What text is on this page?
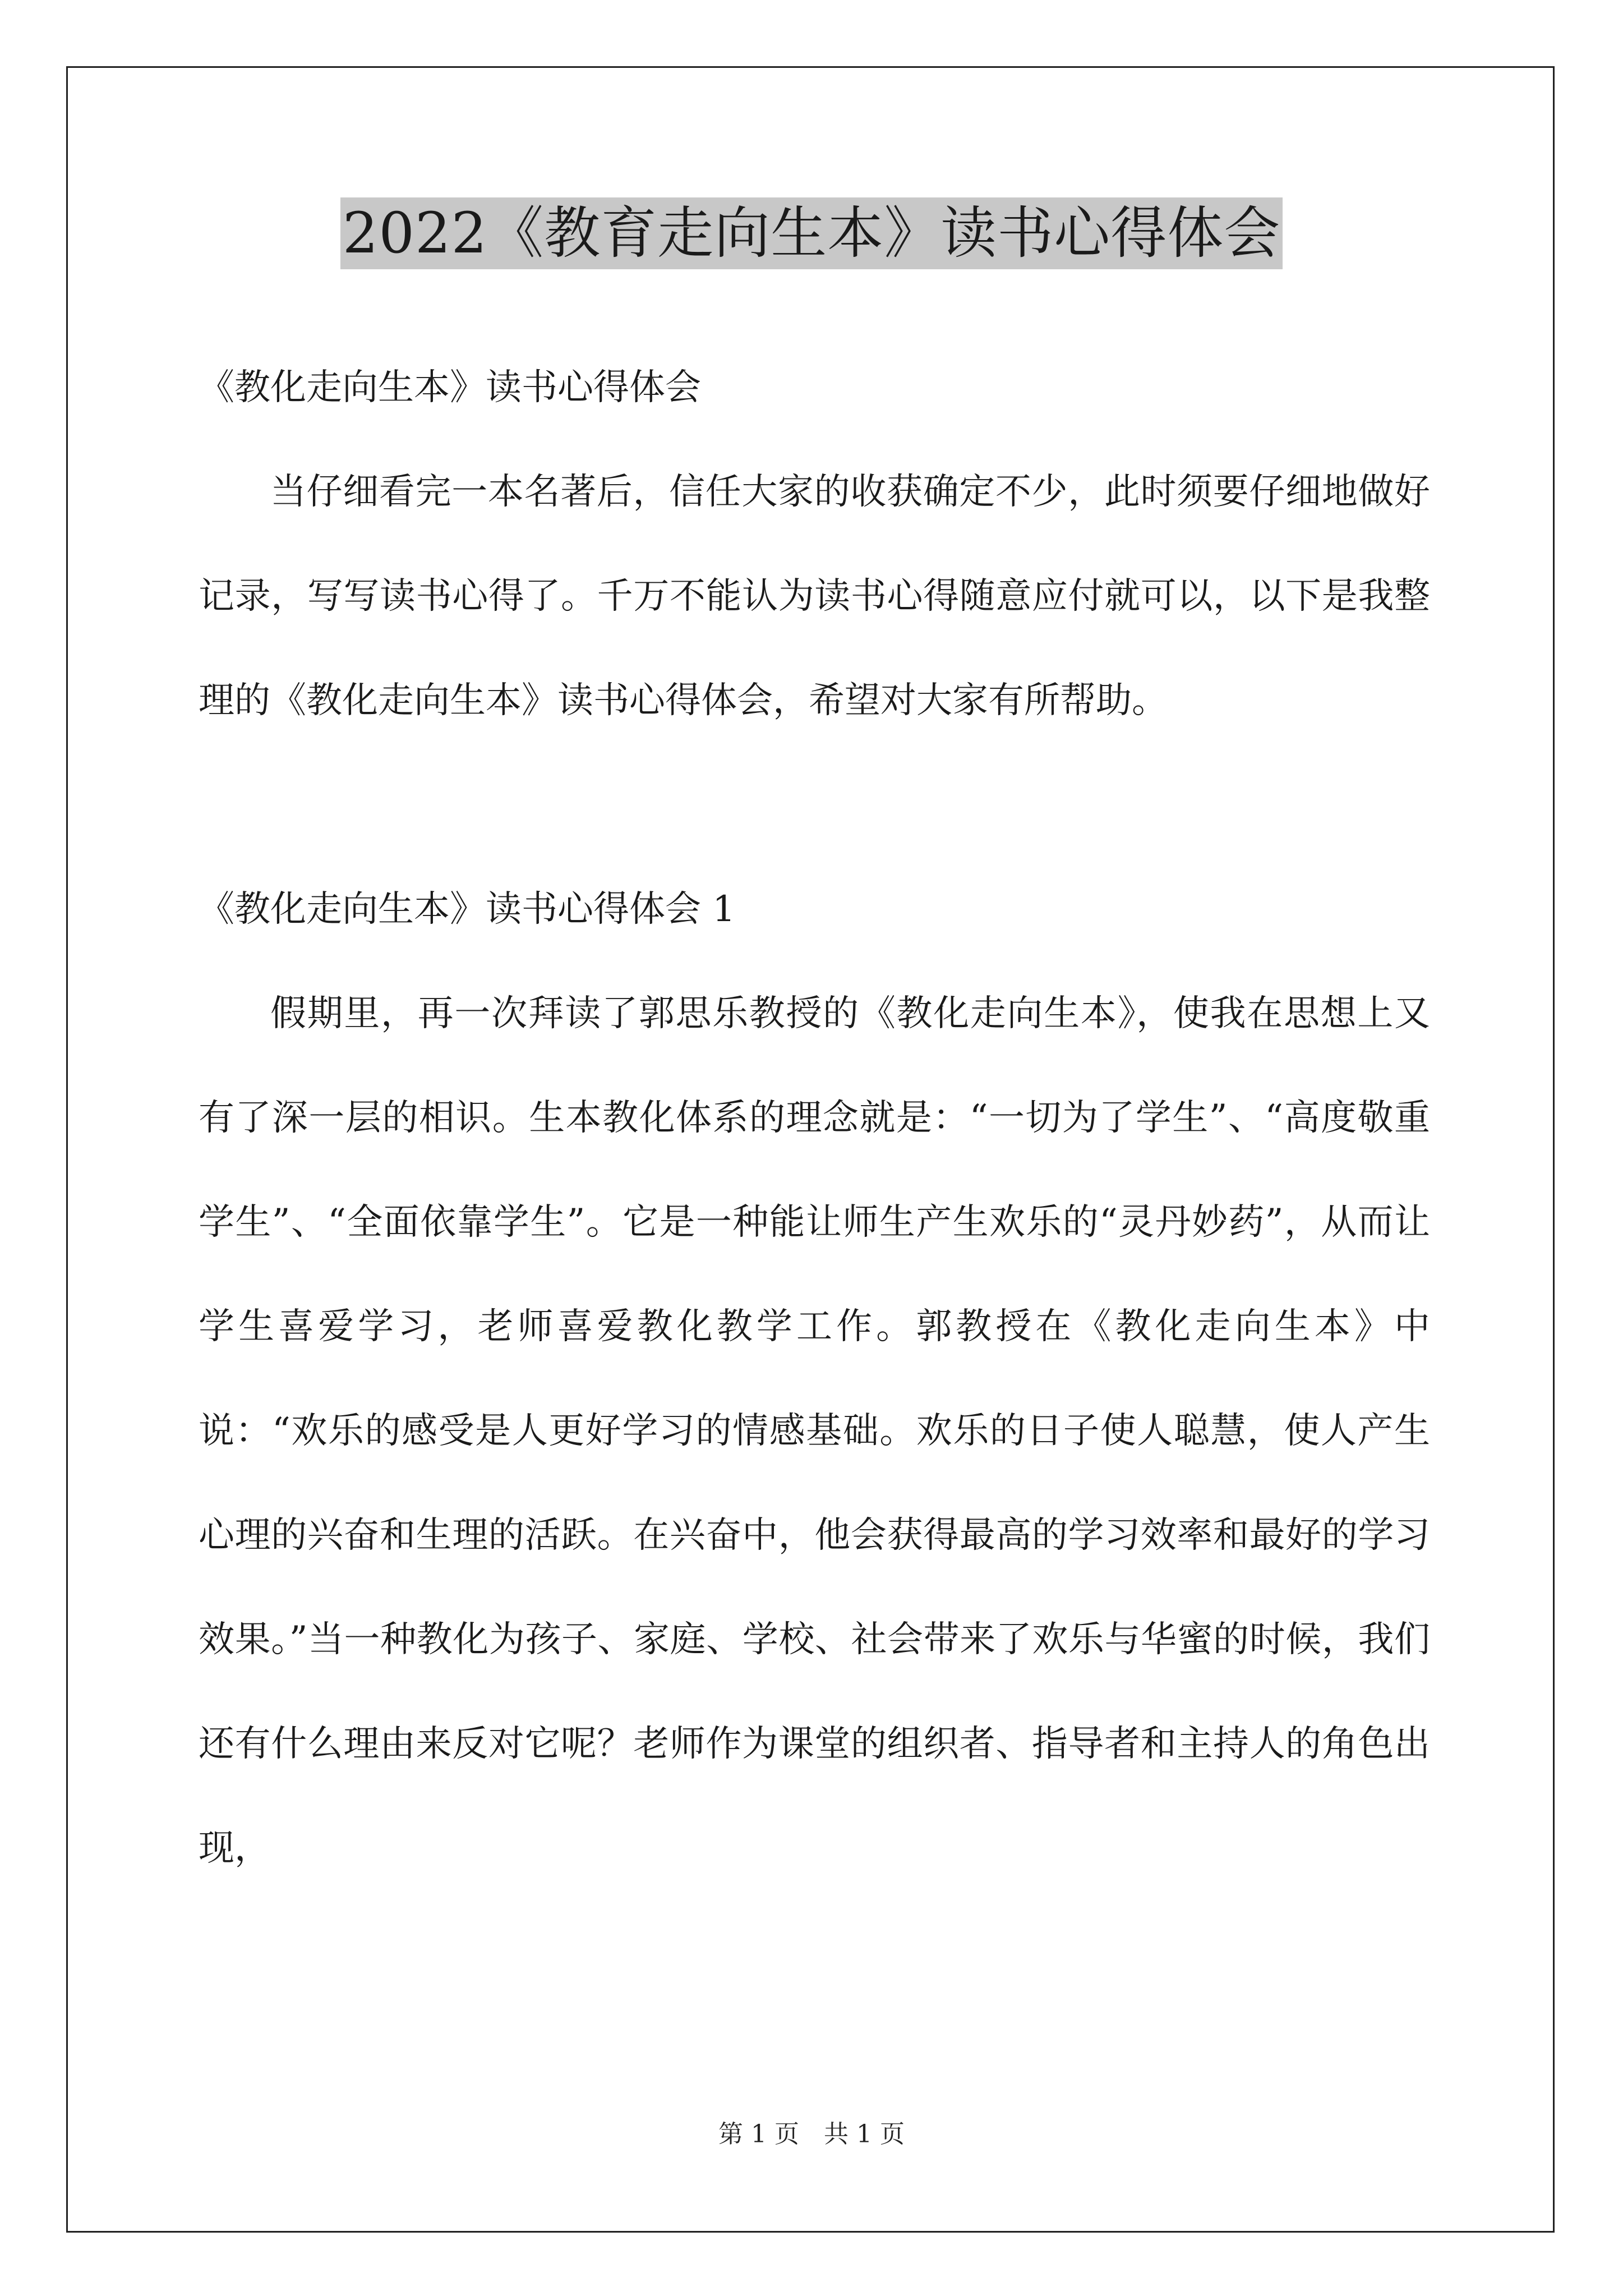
2022《教育走向生本》读书心得体会

《教化走向生本》读书心得体会

当仔细看完一本名著后，信任大家的收获确定不少，此时须要仔细地做好记录，写写读书心得了。千万不能认为读书心得随意应付就可以，以下是我整理的《教化走向生本》读书心得体会，希望对大家有所帮助。

《教化走向生本》读书心得体会 1

假期里，再一次拜读了郭思乐教授的《教化走向生本》，使我在思想上又有了深一层的相识。生本教化体系的理念就是：“一切为了学生”、“高度敬重学生”、“全面依靠学生”。它是一种能让师生产生欢乐的“灵丹妙药”，从而让学生喜爱学习，老师喜爱教化教学工作。郭教授在《教化走向生本》中说：“欢乐的感受是人更好学习的情感基础。欢乐的日子使人聪慧，使人产生心理的兴奋和生理的活跃。在兴奋中，他会获得最高的学习效率和最好的学习效果。”当一种教化为孩子、家庭、学校、社会带来了欢乐与华蜜的时候，我们还有什么理由来反对它呢？老师作为课堂的组织者、指导者和主持人的角色出现，

第 1 页　共 1 页
